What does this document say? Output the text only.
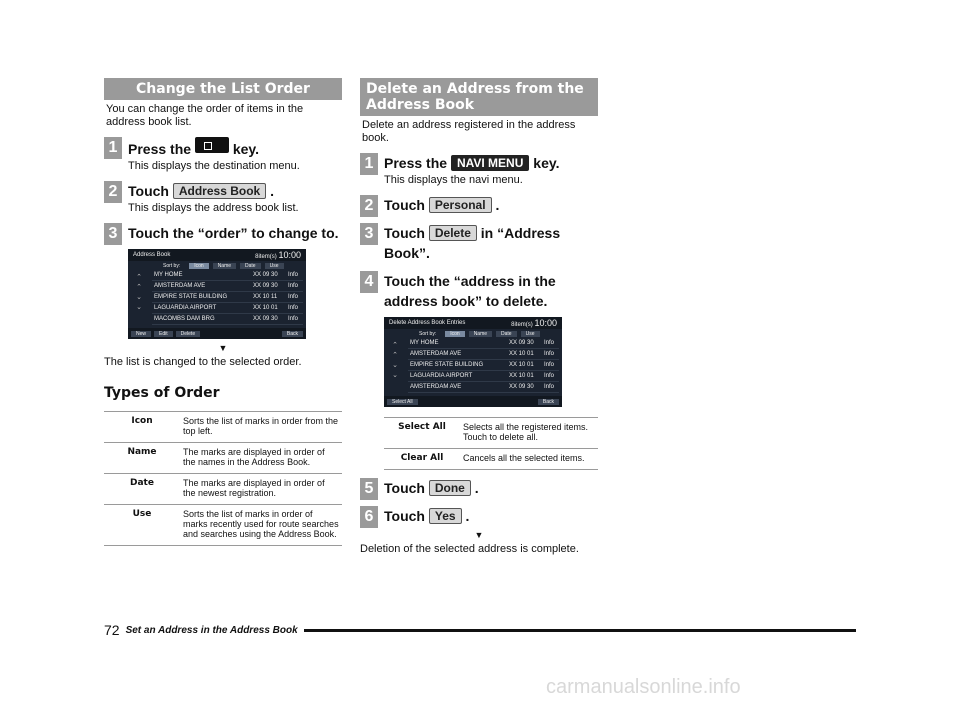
Change the List Order
You can change the order of items in the address book list.
1 Press the	key.
This displays the destination menu.
2 Touch Address Book .
This displays the address book list.
3 Touch the “order” to change to.
Address Book	8item(s) 10:00
Sort by:	Icon	Name	Date	Use
⌃
⌃
⌄
⌄
MY HOME	XX 09 30	Info
AMSTERDAM AVE	XX 09 30	Info
EMPIRE STATE BUILDING	XX 10 11	Info
LAGUARDIA AIRPORT	XX 10 01	Info
MACOMBS DAM BRG	XX 09 30	Info
New	Edit	Delete	Back
▼
The list is changed to the selected order.
Types of Order
Icon	Sorts the list of marks in order from the top left.
Name	The marks are displayed in order of the names in the Address Book.
Date	The marks are displayed in order of the newest registration.
Use	Sorts the list of marks in order of marks recently used for route searches and searches using the Address Book.
Delete an Address from the Address Book
Delete an address registered in the address book.
1 Press the NAVI MENU key.
This displays the navi menu.
2 Touch Personal .
3 Touch Delete in “Address Book”.
4 Touch the “address in the address book” to delete.
Delete Address Book Entries	8item(s) 10:00
Sort by:	Icon	Name	Date	Use
⌃
⌃
⌄
⌄
MY HOME	XX 09 30	Info
AMSTERDAM AVE	XX 10 01	Info
EMPIRE STATE BUILDING	XX 10 01	Info
LAGUARDIA AIRPORT	XX 10 01	Info
AMSTERDAM AVE	XX 09 30	Info
Select All	Back
Select All	Selects all the registered items. Touch to delete all.
Clear All	Cancels all the selected items.
5 Touch Done .
6 Touch Yes .
▼
Deletion of the selected address is complete.
72 Set an Address in the Address Book
carmanualsonline.info
